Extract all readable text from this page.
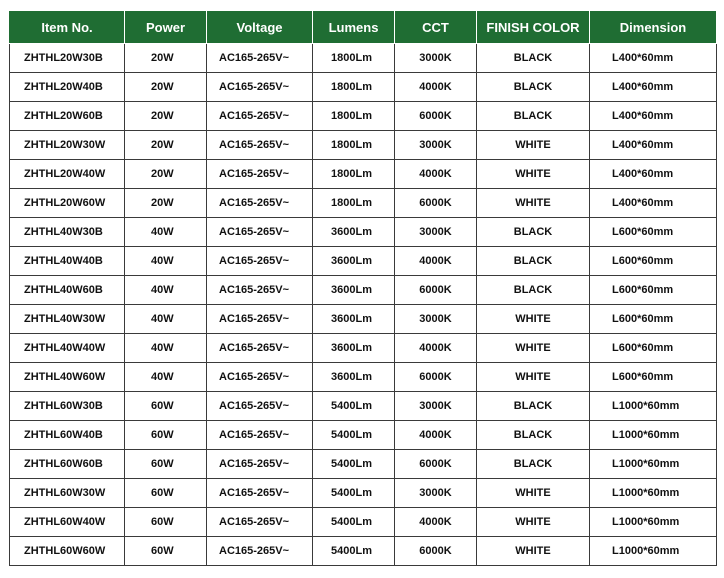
Item No.	Power	Voltage	Lumens	CCT	FINISH COLOR	Dimension
ZHTHL20W30B	20W	AC165-265V~	1800Lm	3000K	BLACK	L400*60mm
ZHTHL20W40B	20W	AC165-265V~	1800Lm	4000K	BLACK	L400*60mm
ZHTHL20W60B	20W	AC165-265V~	1800Lm	6000K	BLACK	L400*60mm
ZHTHL20W30W	20W	AC165-265V~	1800Lm	3000K	WHITE	L400*60mm
ZHTHL20W40W	20W	AC165-265V~	1800Lm	4000K	WHITE	L400*60mm
ZHTHL20W60W	20W	AC165-265V~	1800Lm	6000K	WHITE	L400*60mm
ZHTHL40W30B	40W	AC165-265V~	3600Lm	3000K	BLACK	L600*60mm
ZHTHL40W40B	40W	AC165-265V~	3600Lm	4000K	BLACK	L600*60mm
ZHTHL40W60B	40W	AC165-265V~	3600Lm	6000K	BLACK	L600*60mm
ZHTHL40W30W	40W	AC165-265V~	3600Lm	3000K	WHITE	L600*60mm
ZHTHL40W40W	40W	AC165-265V~	3600Lm	4000K	WHITE	L600*60mm
ZHTHL40W60W	40W	AC165-265V~	3600Lm	6000K	WHITE	L600*60mm
ZHTHL60W30B	60W	AC165-265V~	5400Lm	3000K	BLACK	L1000*60mm
ZHTHL60W40B	60W	AC165-265V~	5400Lm	4000K	BLACK	L1000*60mm
ZHTHL60W60B	60W	AC165-265V~	5400Lm	6000K	BLACK	L1000*60mm
ZHTHL60W30W	60W	AC165-265V~	5400Lm	3000K	WHITE	L1000*60mm
ZHTHL60W40W	60W	AC165-265V~	5400Lm	4000K	WHITE	L1000*60mm
ZHTHL60W60W	60W	AC165-265V~	5400Lm	6000K	WHITE	L1000*60mm
